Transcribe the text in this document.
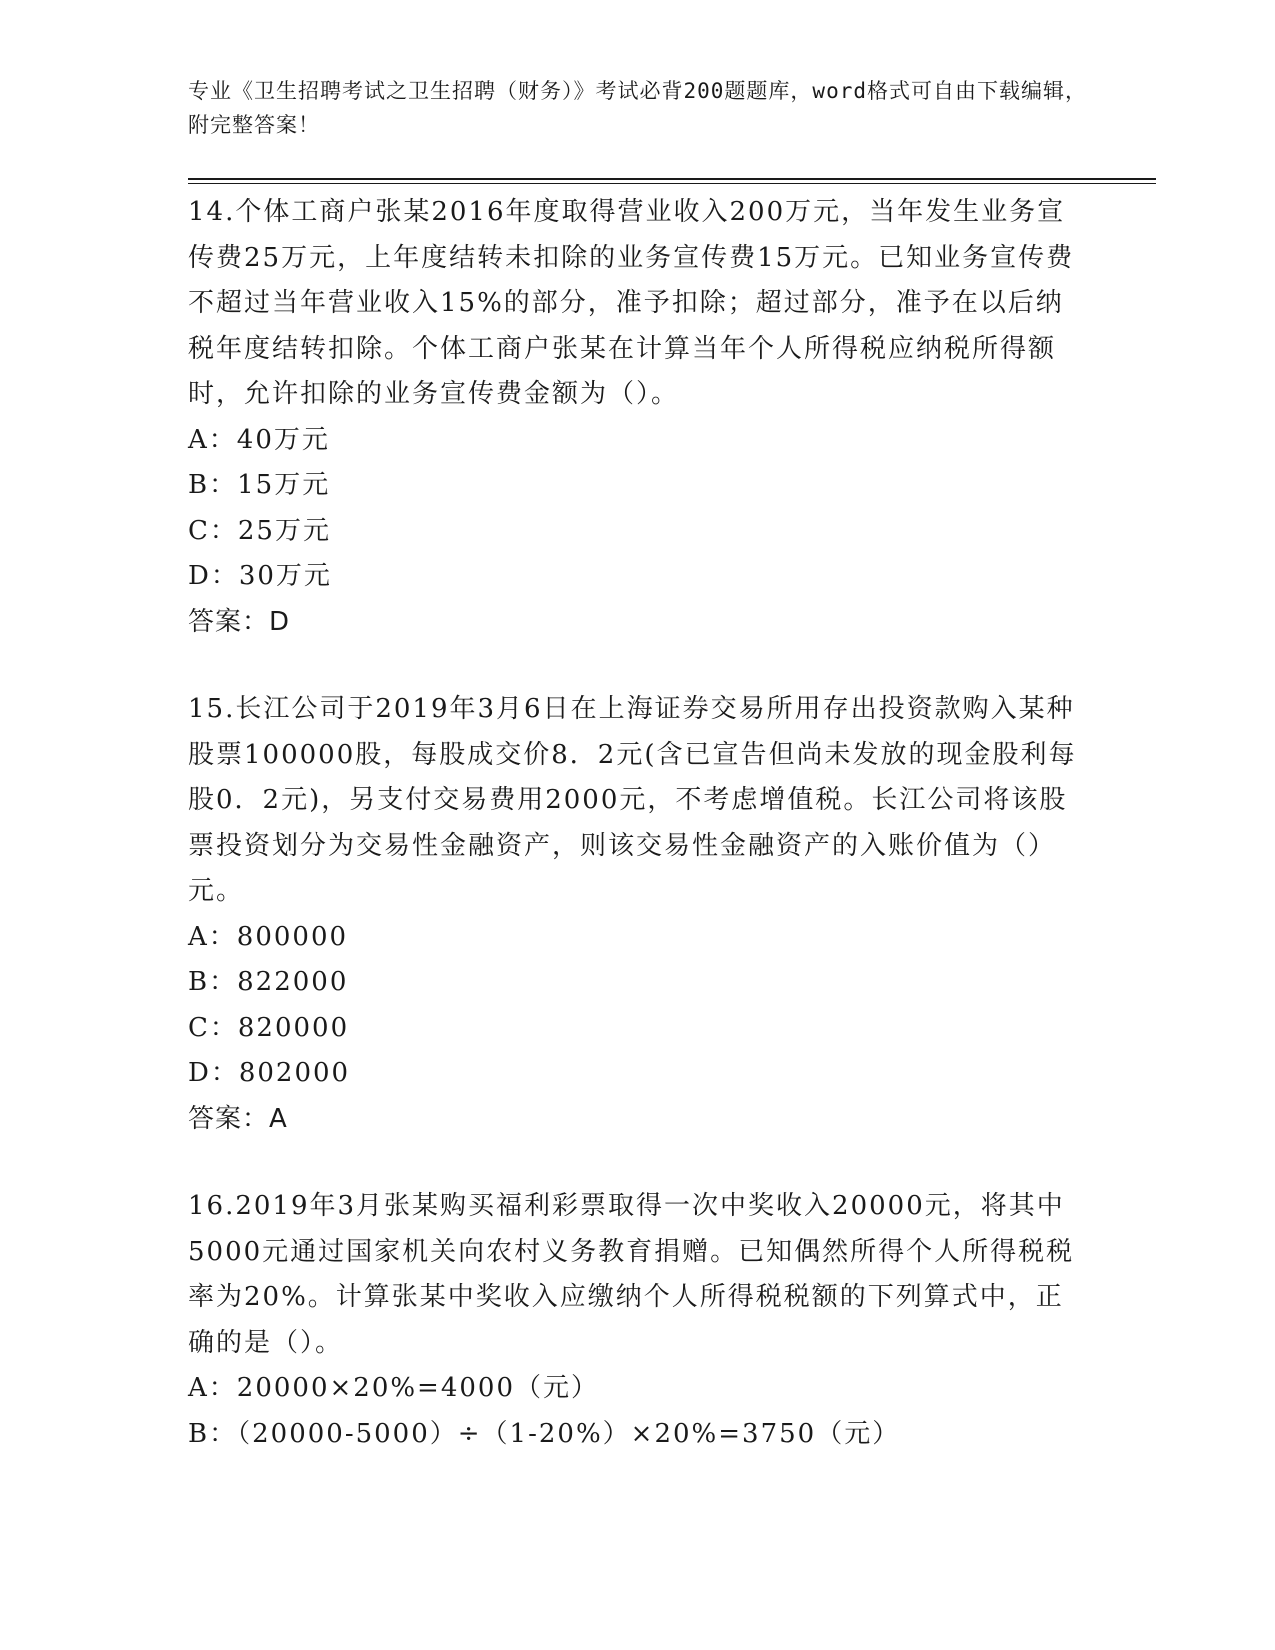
专业《卫生招聘考试之卫生招聘（财务）》考试必背200题题库，word格式可自由下载编辑，附完整答案！

14.个体工商户张某2016年度取得营业收入200万元，当年发生业务宣传费25万元，上年度结转未扣除的业务宣传费15万元。已知业务宣传费不超过当年营业收入15%的部分，准予扣除；超过部分，准予在以后纳税年度结转扣除。个体工商户张某在计算当年个人所得税应纳税所得额时，允许扣除的业务宣传费金额为（）。

A：40万元

B：15万元

C：25万元

D：30万元

答案：D

15.长江公司于2019年3月6日在上海证券交易所用存出投资款购入某种股票100000股，每股成交价8．2元(含已宣告但尚未发放的现金股利每股0．2元)，另支付交易费用2000元，不考虑增值税。长江公司将该股票投资划分为交易性金融资产，则该交易性金融资产的入账价值为（）元。

A：800000

B：822000

C：820000

D：802000

答案：A

16.2019年3月张某购买福利彩票取得一次中奖收入20000元，将其中5000元通过国家机关向农村义务教育捐赠。已知偶然所得个人所得税税率为20%。计算张某中奖收入应缴纳个人所得税税额的下列算式中，正确的是（）。

A：20000×20%=4000（元）

B：（20000-5000）÷（1-20%）×20%=3750（元）
